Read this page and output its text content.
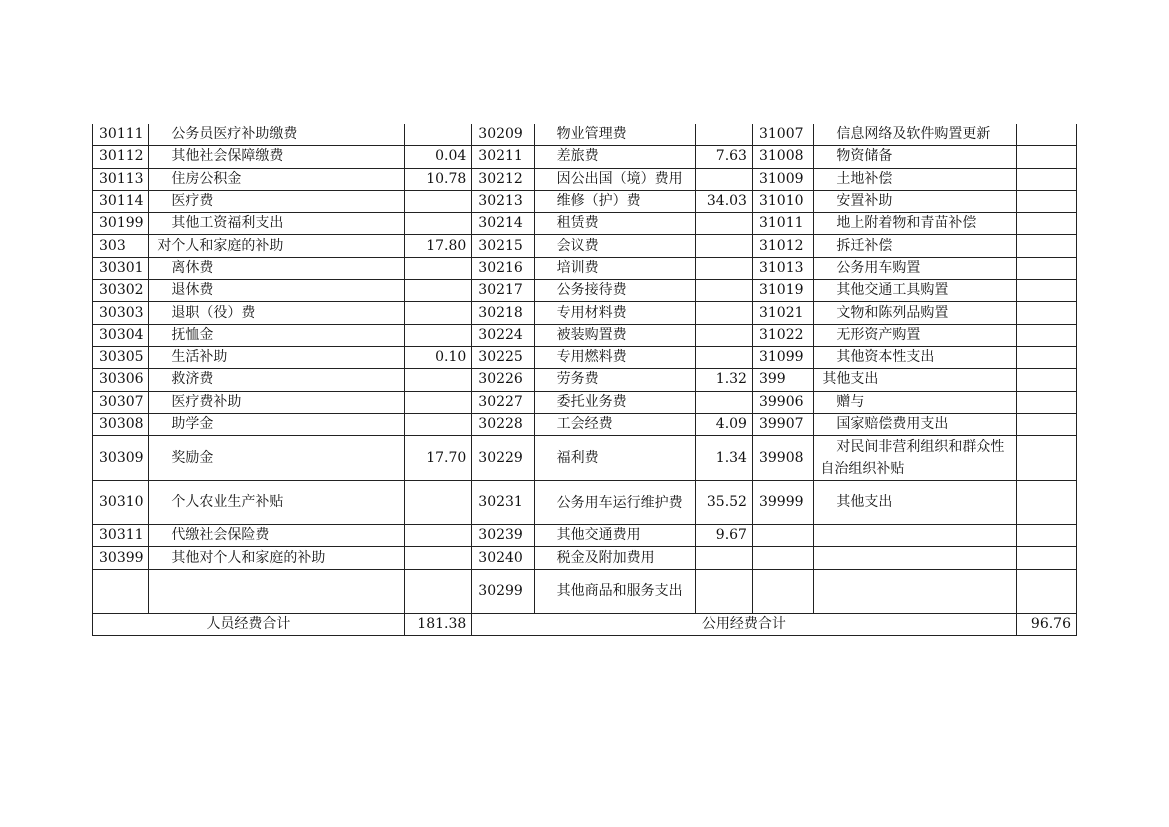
30111	公务员医疗补助缴费		30209	物业管理费		31007	信息网络及软件购置更新	
30112	其他社会保障缴费	0.04	30211	差旅费	7.63	31008	物资储备	
30113	住房公积金	10.78	30212	因公出国（境）费用		31009	土地补偿	
30114	医疗费		30213	维修（护）费	34.03	31010	安置补助	
30199	其他工资福利支出		30214	租赁费		31011	地上附着物和青苗补偿	
303	对个人和家庭的补助	17.80	30215	会议费		31012	拆迁补偿	
30301	离休费		30216	培训费		31013	公务用车购置	
30302	退休费		30217	公务接待费		31019	其他交通工具购置	
30303	退职（役）费		30218	专用材料费		31021	文物和陈列品购置	
30304	抚恤金		30224	被装购置费		31022	无形资产购置	
30305	生活补助	0.10	30225	专用燃料费		31099	其他资本性支出	
30306	救济费		30226	劳务费	1.32	399	其他支出	
30307	医疗费补助		30227	委托业务费		39906	赠与	
30308	助学金		30228	工会经费	4.09	39907	国家赔偿费用支出	
30309	奖励金	17.70	30229	福利费	1.34	39908	对民间非营利组织和群众性自治组织补贴	
30310	个人农业生产补贴		30231	公务用车运行维护费	35.52	39999	其他支出	
30311	代缴社会保险费		30239	其他交通费用	9.67			
30399	其他对个人和家庭的补助		30240	税金及附加费用				
			30299	其他商品和服务支出				
人员经费合计		181.38	公用经费合计					96.76
